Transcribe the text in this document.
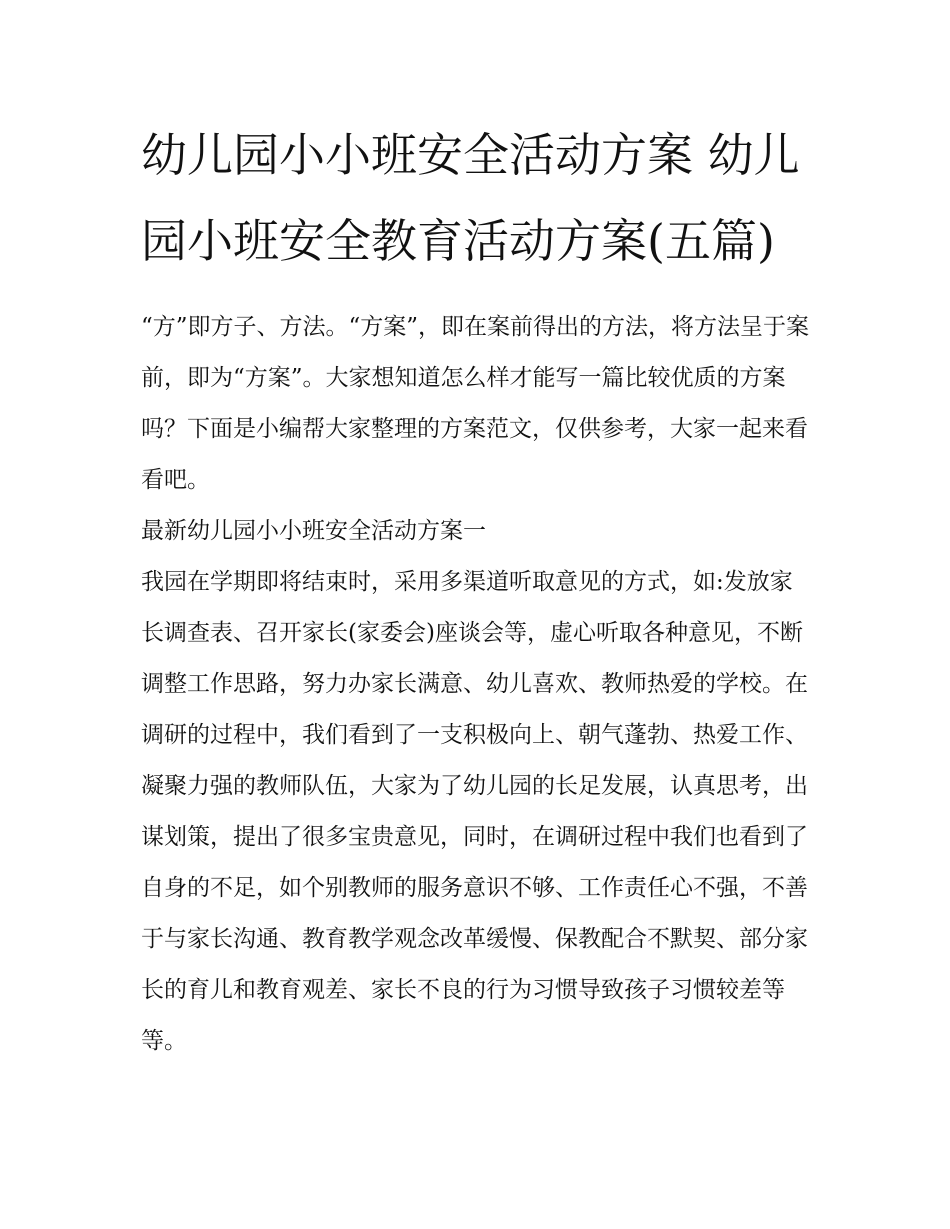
幼儿园小小班安全活动方案 幼儿园小班安全教育活动方案(五篇)

“方”即方子、方法。“方案”，即在案前得出的方法，将方法呈于案前，即为“方案”。大家想知道怎么样才能写一篇比较优质的方案吗？下面是小编帮大家整理的方案范文，仅供参考，大家一起来看看吧。

最新幼儿园小小班安全活动方案一

我园在学期即将结束时，采用多渠道听取意见的方式，如:发放家长调查表、召开家长(家委会)座谈会等，虚心听取各种意见，不断调整工作思路，努力办家长满意、幼儿喜欢、教师热爱的学校。在调研的过程中，我们看到了一支积极向上、朝气蓬勃、热爱工作、凝聚力强的教师队伍，大家为了幼儿园的长足发展，认真思考，出谋划策，提出了很多宝贵意见，同时，在调研过程中我们也看到了自身的不足，如个别教师的服务意识不够、工作责任心不强，不善于与家长沟通、教育教学观念改革缓慢、保教配合不默契、部分家长的育儿和教育观差、家长不良的行为习惯导致孩子习惯较差等等。
